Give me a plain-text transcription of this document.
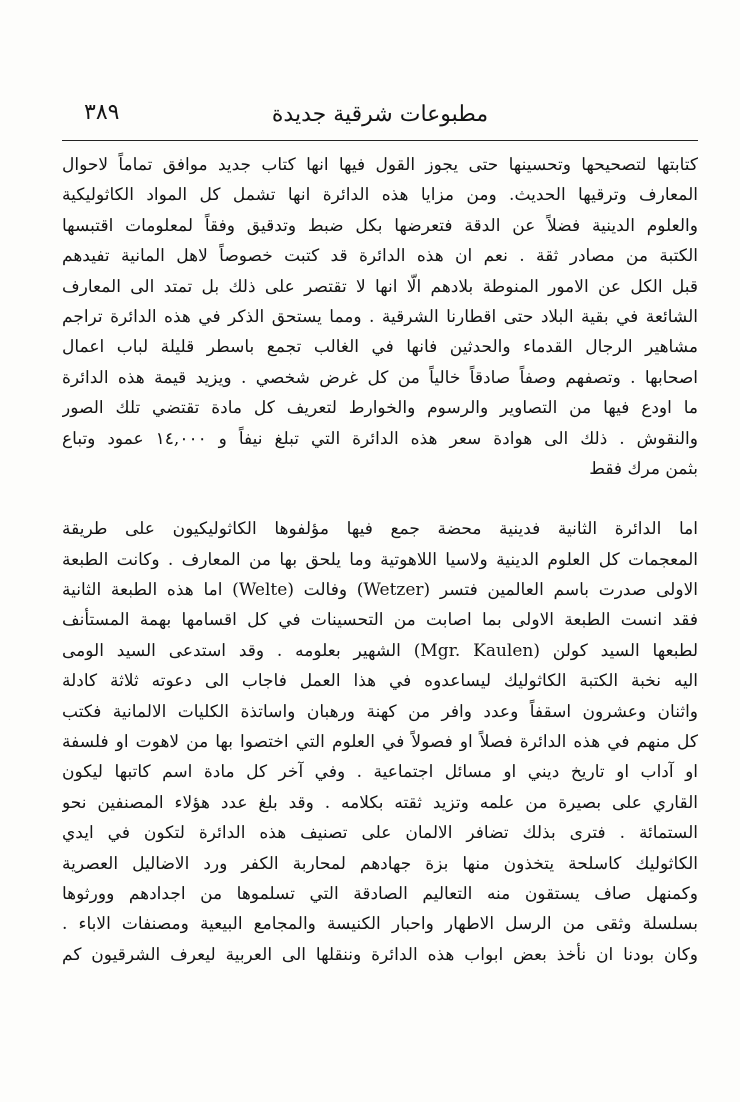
مطبوعات شرقية جديدة
٣٨٩
كتابتها لتصحيحها وتحسينها حتى يجوز القول فيها انها كتاب جديد موافق تماماً لاحوال
المعارف وترقيها الحديث. ومن مزايا هذه الدائرة انها تشمل كل المواد الكاثوليكية
والعلوم الدينية فضلاً عن الدقة فتعرضها بكل ضبط وتدقيق وفقاً لمعلومات اقتبسها
الكتبة من مصادر ثقة . نعم ان هذه الدائرة قد كتبت خصوصاً لاهل المانية تفيدهم
قبل الكل عن الامور المنوطة بلادهم الّا انها لا تقتصر على ذلك بل تمتد الى المعارف
الشائعة في بقية البلاد حتى اقطارنا الشرقية . ومما يستحق الذكر في هذه الدائرة تراجم
مشاهير الرجال القدماء والحدثين فانها في الغالب تجمع باسطر قليلة لباب اعمال
اصحابها . وتصفهم وصفاً صادقاً خالياً من كل غرض شخصي . ويزيد قيمة هذه الدائرة
ما اودع فيها من التصاوير والرسوم والخوارط لتعريف كل مادة تقتضي تلك الصور
والنقوش . ذلك الى هوادة سعر هذه الدائرة التي تبلغ نيفاً و ١٤,٠٠٠ عمود وتباع
بثمن مرك فقط
اما الدائرة الثانية فدينية محضة جمع فيها مؤلفوها الكاثوليكيون على طريقة
المعجمات كل العلوم الدينية ولاسيا اللاهوتية وما يلحق بها من المعارف . وكانت الطبعة
الاولى صدرت باسم العالمين فتسر (Wetzer) وفالت (Welte) اما هذه الطبعة الثانية
فقد انست الطبعة الاولى بما اصابت من التحسينات في كل اقسامها بهمة المستأنف
لطبعها السيد كولن (Mgr. Kaulen) الشهير بعلومه . وقد استدعى السيد الومى
اليه نخبة الكتبة الكاثوليك ليساعدوه في هذا العمل فاجاب الى دعوته ثلاثة كادلة
واثنان وعشرون اسقفاً وعدد وافر من كهنة ورهبان واساتذة الكليات الالمانية فكتب
كل منهم في هذه الدائرة فصلاً او فصولاً في العلوم التي اختصوا بها من لاهوت او فلسفة
او آداب او تاريخ ديني او مسائل اجتماعية . وفي آخر كل مادة اسم كاتبها ليكون
القاري على بصيرة من علمه وتزيد ثقته بكلامه . وقد بلغ عدد هؤلاء المصنفين نحو
الستمائة . فترى بذلك تضافر الالمان على تصنيف هذه الدائرة لتكون في ايدي
الكاثوليك كاسلحة يتخذون منها بزة جهادهم لمحاربة الكفر ورد الاضاليل العصرية
وكمنهل صاف يستقون منه التعاليم الصادقة التي تسلموها من اجدادهم وورثوها
بسلسلة وثقى من الرسل الاطهار واحبار الكنيسة والمجامع البيعية ومصنفات الاباء .
وكان بودنا ان نأخذ بعض ابواب هذه الدائرة وننقلها الى العربية ليعرف الشرقيون كم
